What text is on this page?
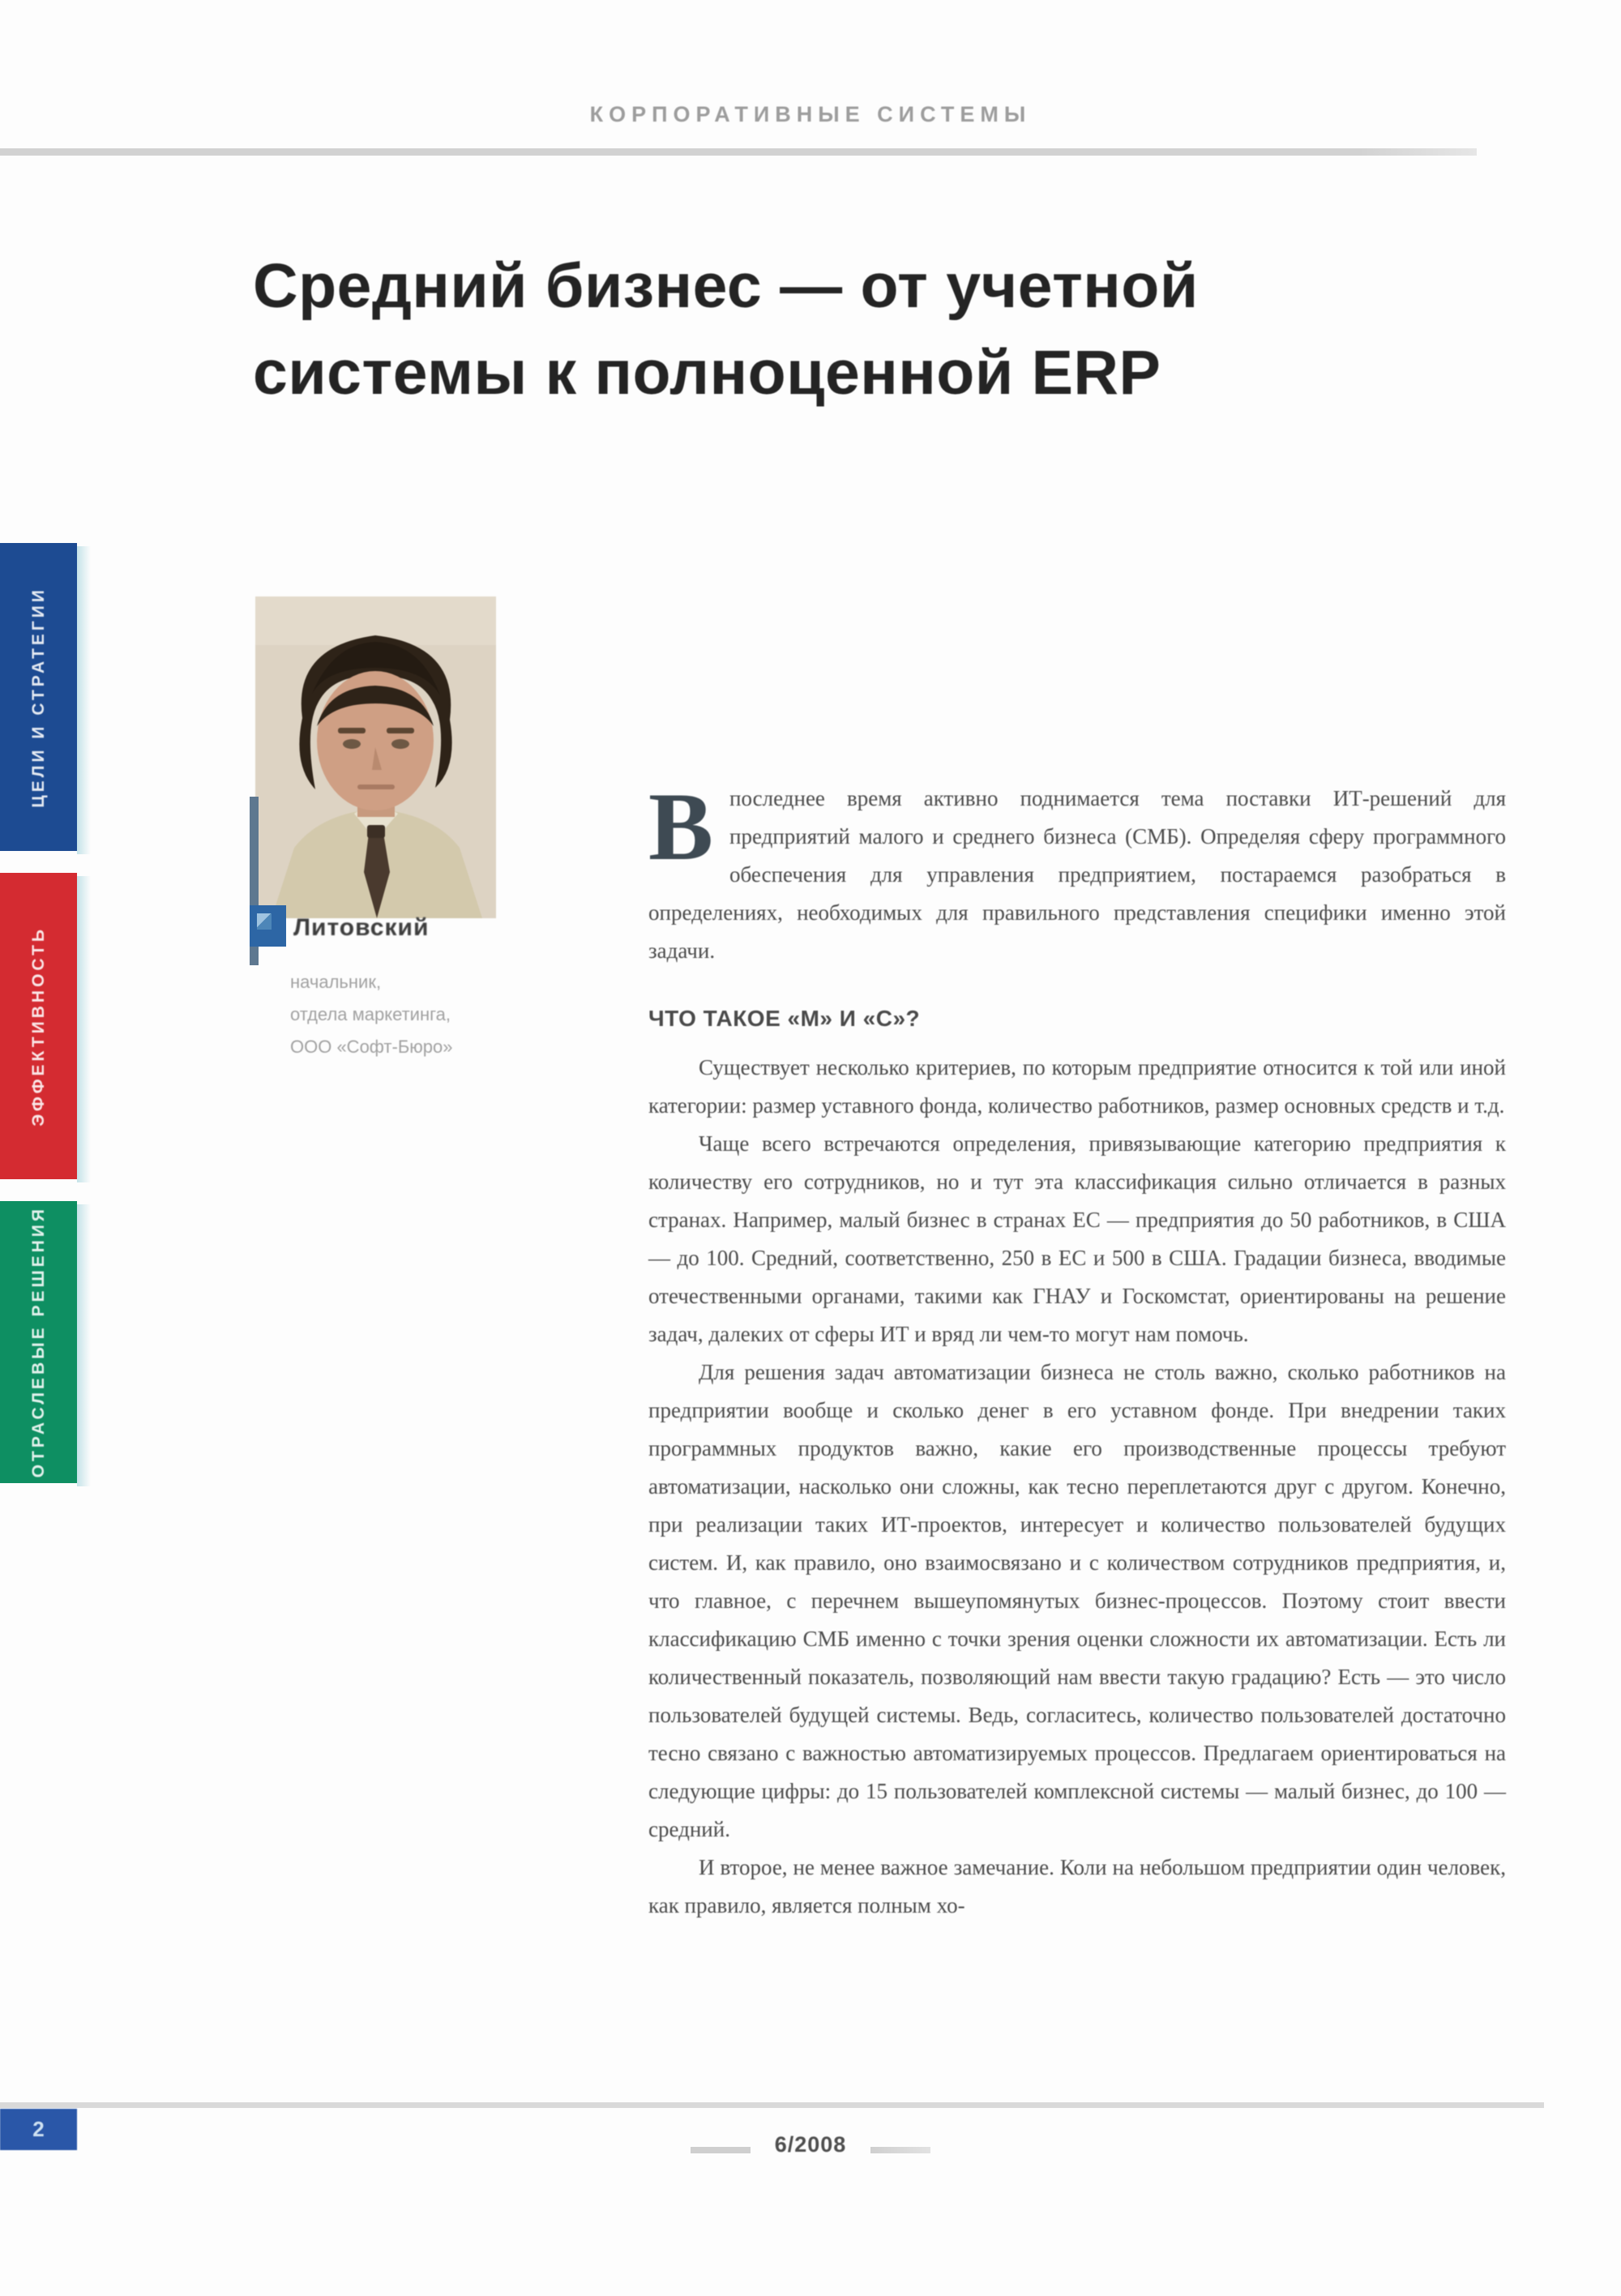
КОРПОРАТИВНЫЕ СИСТЕМЫ
Средний бизнес — от учетной
системы к полноценной ERP
ЦЕЛИ И СТРАТЕГИИ
ЭФФЕКТИВНОСТЬ
ОТРАСЛЕВЫЕ РЕШЕНИЯ
Литовский
начальник,
отдела маркетинга,
ООО «Софт-Бюро»

Впоследнее время активно поднимается тема поставки ИТ-решений для предприятий малого и среднего бизнеса (СМБ). Определяя сферу программного обеспечения для управления предприятием, постараемся разобраться в определениях, необходимых для правильного представления специфики именно этой задачи.

ЧТО ТАКОЕ «М» И «С»?

Существует несколько критериев, по которым предприятие относится к той или иной категории: размер уставного фонда, количество работников, размер основных средств и т.д.

Чаще всего встречаются определения, привязывающие категорию предприятия к количеству его сотрудников, но и тут эта классификация сильно отличается в разных странах. Например, малый бизнес в странах ЕС — предприятия до 50 работников, в США — до 100. Средний, соответственно, 250 в ЕС и 500 в США. Градации бизнеса, вводимые отечественными органами, такими как ГНАУ и Госкомстат, ориентированы на решение задач, далеких от сферы ИТ и вряд ли чем-то могут нам помочь.

Для решения задач автоматизации бизнеса не столь важно, сколько работников на предприятии вообще и сколько денег в его уставном фонде. При внедрении таких программных продуктов важно, какие его производственные процессы требуют автоматизации, насколько они сложны, как тесно переплетаются друг с другом. Конечно, при реализации таких ИТ-проектов, интересует и количество пользователей будущих систем. И, как правило, оно взаимосвязано и с количеством сотрудников предприятия, и, что главное, с перечнем вышеупомянутых бизнес-процессов. Поэтому стоит ввести классификацию СМБ именно с точки зрения оценки сложности их автоматизации. Есть ли количественный показатель, позволяющий нам ввести такую градацию? Есть — это число пользователей будущей системы. Ведь, согласитесь, количество пользователей достаточно тесно связано с важностью автоматизируемых процессов. Предлагаем ориентироваться на следующие цифры: до 15 пользователей комплексной системы — малый бизнес, до 100 — средний.

И второе, не менее важное замечание. Коли на небольшом предприятии один человек, как правило, является полным хо-

2
6/2008
